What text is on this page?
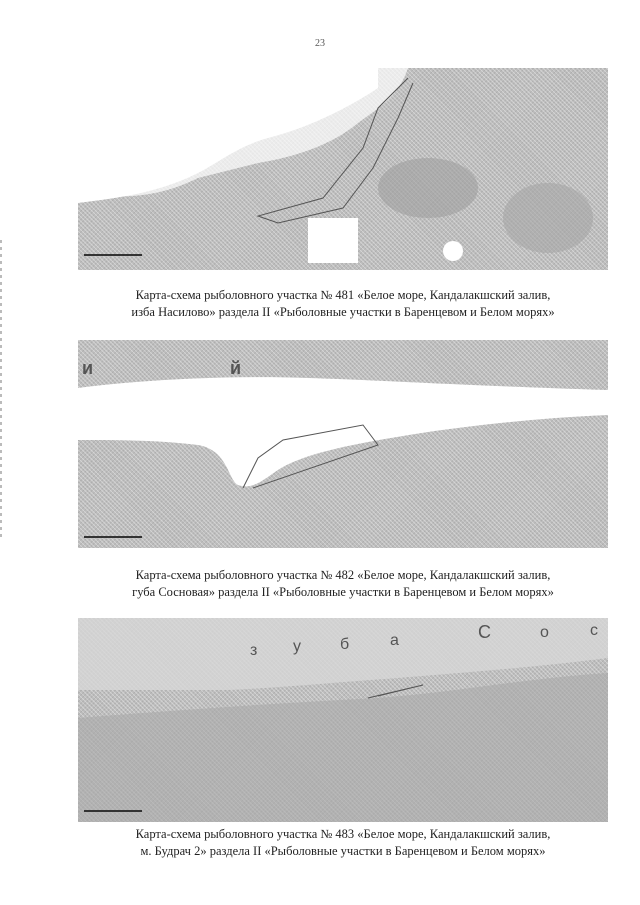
23
Карта-схема рыболовного участка № 481 «Белое море, Кандалакшский залив,
изба Насилово» раздела II «Рыболовные участки в Баренцевом и Белом морях»
и	й
Карта-схема рыболовного участка № 482 «Белое море, Кандалакшский залив,
губа Сосновая» раздела II «Рыболовные участки в Баренцевом и Белом морях»
з у б	а	С	о	с
Карта-схема рыболовного участка № 483 «Белое море, Кандалакшский залив,
м. Будрач 2» раздела II «Рыболовные участки в Баренцевом и Белом морях»
